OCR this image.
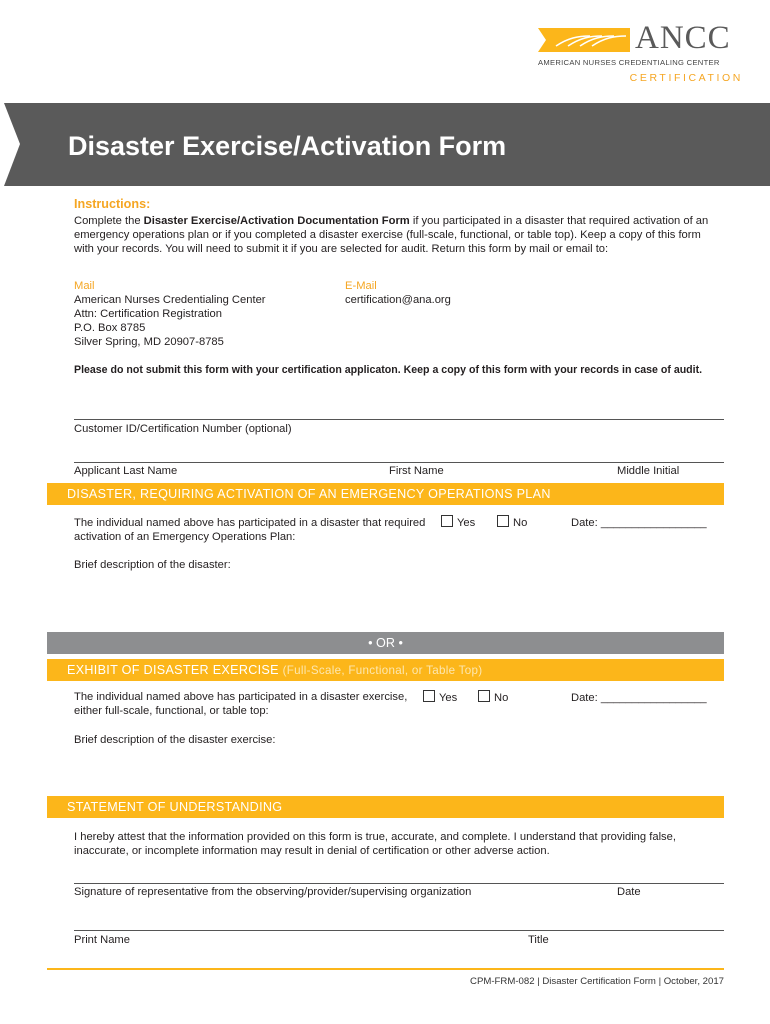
ANCC
AMERICAN NURSES CREDENTIALING CENTER
CERTIFICATION
Disaster Exercise/Activation Form
Instructions:
Complete the Disaster Exercise/Activation Documentation Form if you participated in a disaster that required activation of an emergency operations plan or if you completed a disaster exercise (full-scale, functional, or table top). Keep a copy of this form with your records. You will need to submit it if you are selected for audit. Return this form by mail or email to:
Mail
American Nurses Credentialing Center
Attn: Certification Registration
P.O. Box 8785
Silver Spring, MD 20907-8785
E-Mail
certification@ana.org
Please do not submit this form with your certification applicaton. Keep a copy of this form with your records in case of audit.
Customer ID/Certification Number (optional)
Applicant Last Name	First Name	Middle Initial
DISASTER, REQUIRING ACTIVATION OF AN EMERGENCY OPERATIONS PLAN
The individual named above has participated in a disaster that required activation of an Emergency Operations Plan:
Yes	No	Date: _________________
Brief description of the disaster:
• OR •
EXHIBIT OF DISASTER EXERCISE (Full-Scale, Functional, or Table Top)
The individual named above has participated in a disaster exercise, either full-scale, functional, or table top:
Yes	No	Date: _________________
Brief description of the disaster exercise:
STATEMENT OF UNDERSTANDING
I hereby attest that the information provided on this form is true, accurate, and complete. I understand that providing false, inaccurate, or incomplete information may result in denial of certification or other adverse action.
Signature of representative from the observing/provider/supervising organization	Date
Print Name	Title
CPM-FRM-082 | Disaster Certification Form | October, 2017
